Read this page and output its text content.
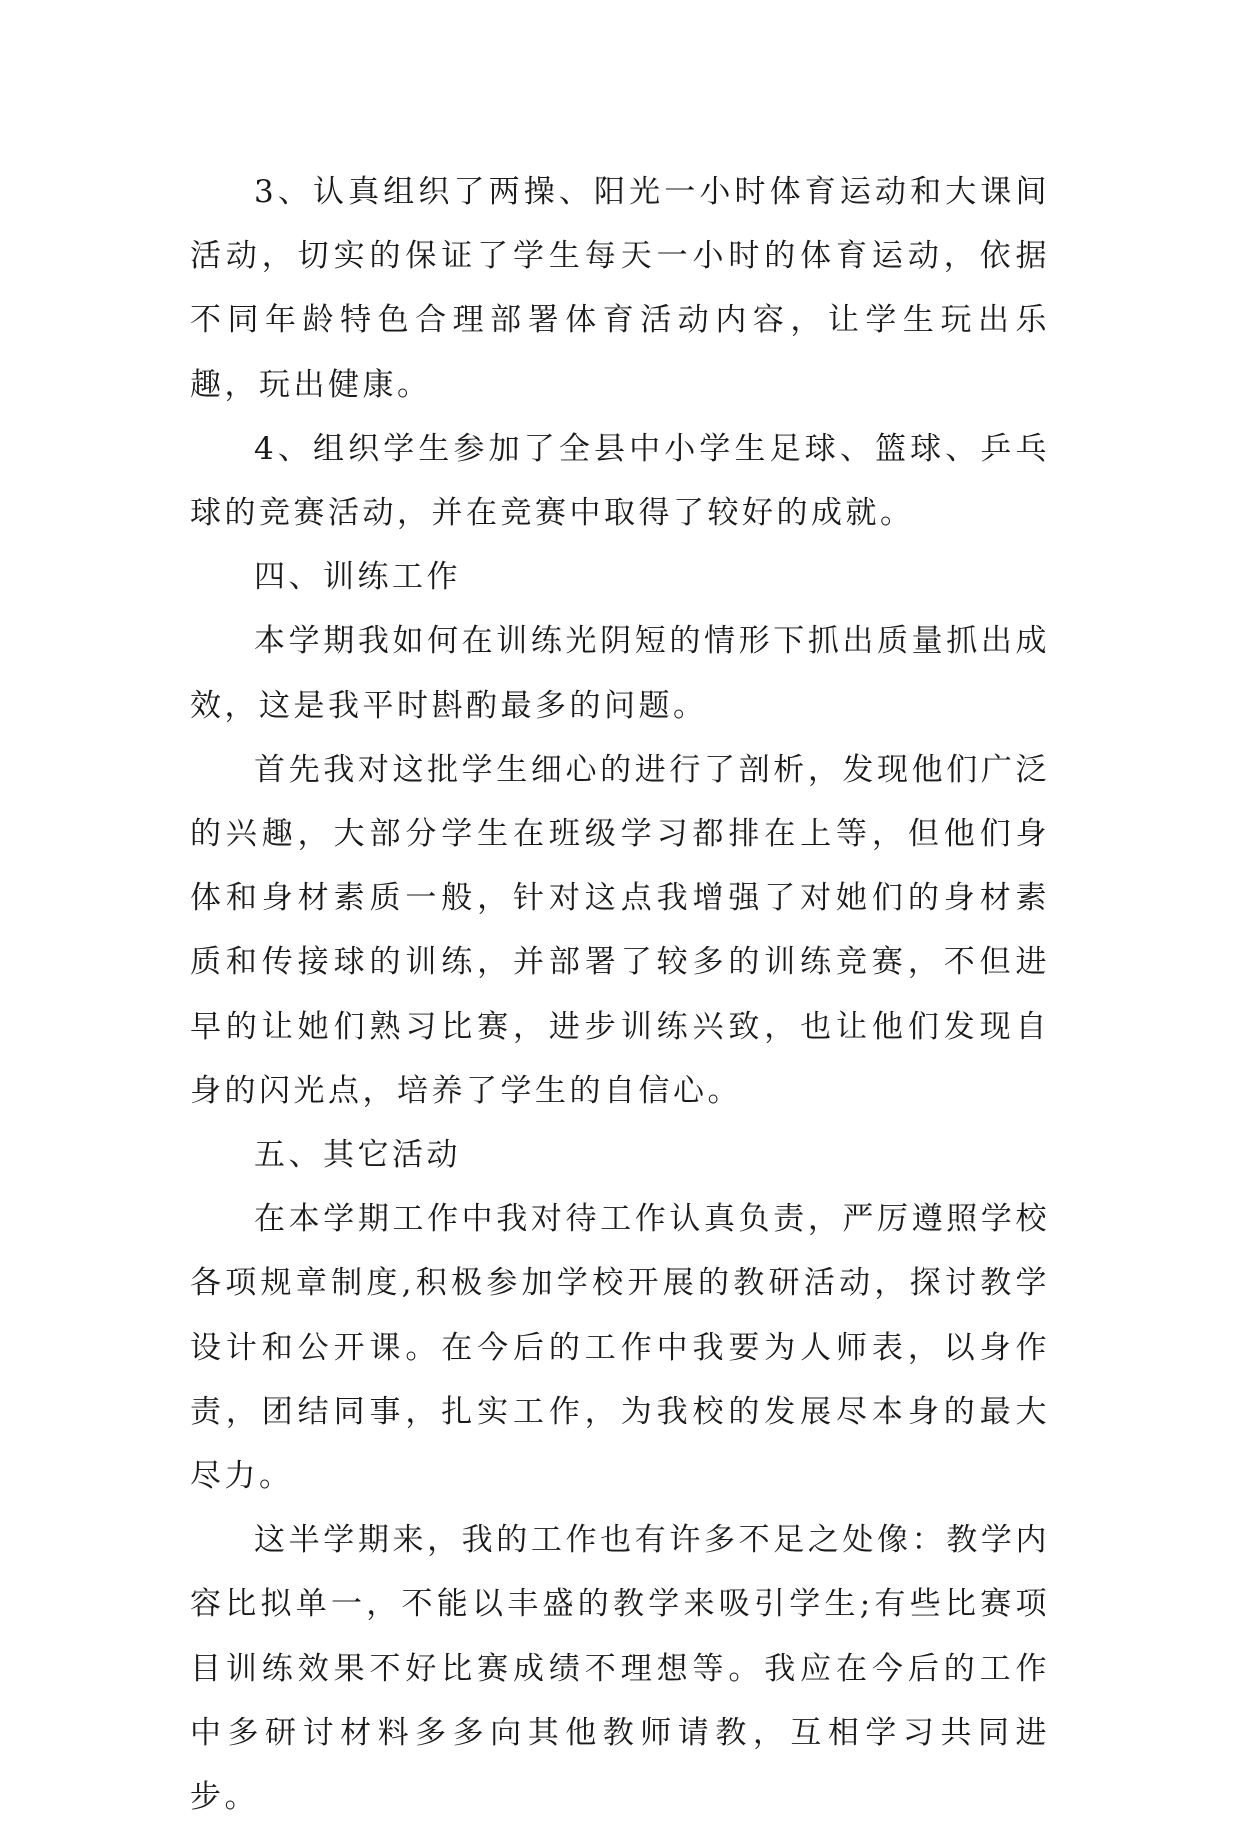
3、认真组织了两操、阳光一小时体育运动和大课间活动，切实的保证了学生每天一小时的体育运动，依据不同年龄特色合理部署体育活动内容，让学生玩出乐趣，玩出健康。

4、组织学生参加了全县中小学生足球、篮球、乒乓球的竞赛活动，并在竞赛中取得了较好的成就。

四、训练工作

本学期我如何在训练光阴短的情形下抓出质量抓出成效，这是我平时斟酌最多的问题。

首先我对这批学生细心的进行了剖析，发现他们广泛的兴趣，大部分学生在班级学习都排在上等，但他们身体和身材素质一般，针对这点我增强了对她们的身材素质和传接球的训练，并部署了较多的训练竞赛，不但进早的让她们熟习比赛，进步训练兴致，也让他们发现自身的闪光点，培养了学生的自信心。

五、其它活动

在本学期工作中我对待工作认真负责，严厉遵照学校各项规章制度,积极参加学校开展的教研活动，探讨教学设计和公开课。在今后的工作中我要为人师表，以身作责，团结同事，扎实工作，为我校的发展尽本身的最大尽力。

这半学期来，我的工作也有许多不足之处像：教学内容比拟单一，不能以丰盛的教学来吸引学生;有些比赛项目训练效果不好比赛成绩不理想等。我应在今后的工作中多研讨材料多多向其他教师请教，互相学习共同进步。
